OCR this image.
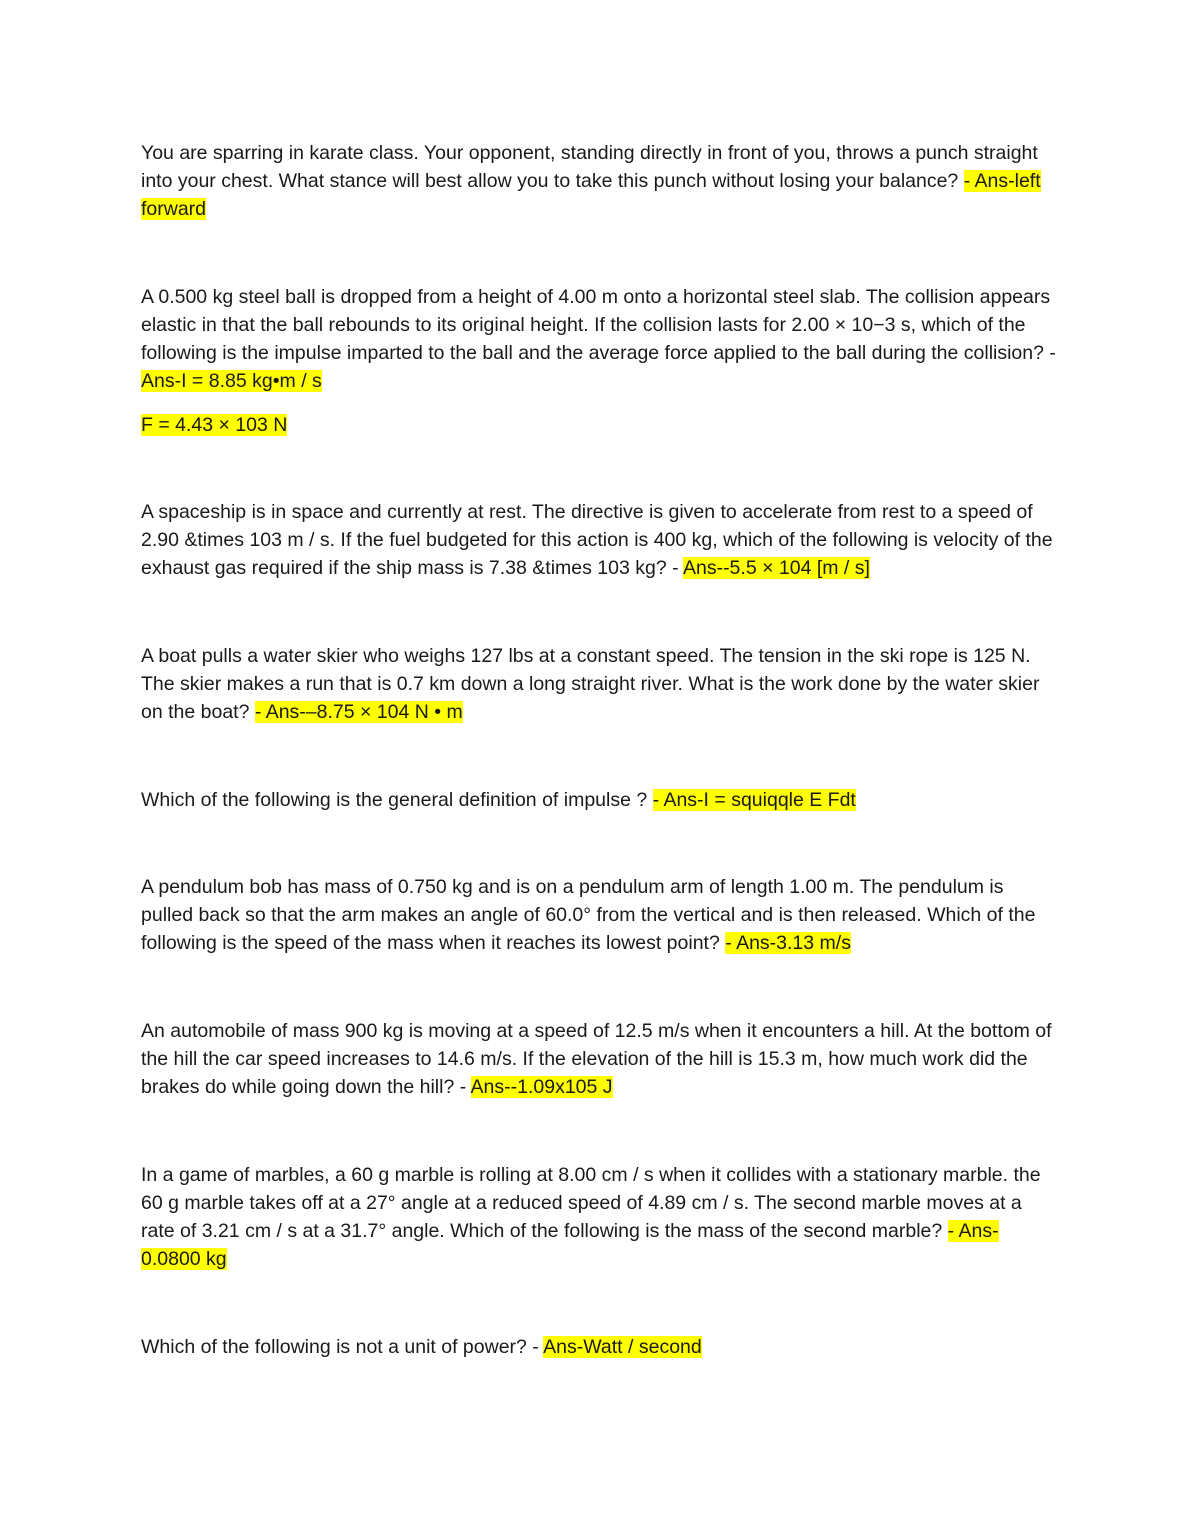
You are sparring in karate class. Your opponent, standing directly in front of you, throws a punch straight into your chest. What stance will best allow you to take this punch without losing your balance? - Ans-left forward

A 0.500 kg steel ball is dropped from a height of 4.00 m onto a horizontal steel slab. The collision appears elastic in that the ball rebounds to its original height. If the collision lasts for 2.00 × 10−3 s, which of the following is the impulse imparted to the ball and the average force applied to the ball during the collision? - Ans-I = 8.85 kg•m / s

F = 4.43 × 103 N

A spaceship is in space and currently at rest. The directive is given to accelerate from rest to a speed of 2.90 &times 103 m / s. If the fuel budgeted for this action is 400 kg, which of the following is velocity of the exhaust gas required if the ship mass is 7.38 &times 103 kg? - Ans--5.5 × 104 [m / s]

A boat pulls a water skier who weighs 127 lbs at a constant speed. The tension in the ski rope is 125 N. The skier makes a run that is 0.7 km down a long straight river. What is the work done by the water skier on the boat? - Ans-–8.75 × 104 N • m

Which of the following is the general definition of impulse ? - Ans-I = squiqqle E Fdt

A pendulum bob has mass of 0.750 kg and is on a pendulum arm of length 1.00 m. The pendulum is pulled back so that the arm makes an angle of 60.0° from the vertical and is then released. Which of the following is the speed of the mass when it reaches its lowest point? - Ans-3.13 m/s

An automobile of mass 900 kg is moving at a speed of 12.5 m/s when it encounters a hill. At the bottom of the hill the car speed increases to 14.6 m/s. If the elevation of the hill is 15.3 m, how much work did the brakes do while going down the hill? - Ans--1.09x105 J

In a game of marbles, a 60 g marble is rolling at 8.00 cm / s when it collides with a stationary marble. the 60 g marble takes off at a 27° angle at a reduced speed of 4.89 cm / s. The second marble moves at a rate of 3.21 cm / s at a 31.7° angle. Which of the following is the mass of the second marble? - Ans-0.0800 kg

Which of the following is not a unit of power? - Ans-Watt / second
